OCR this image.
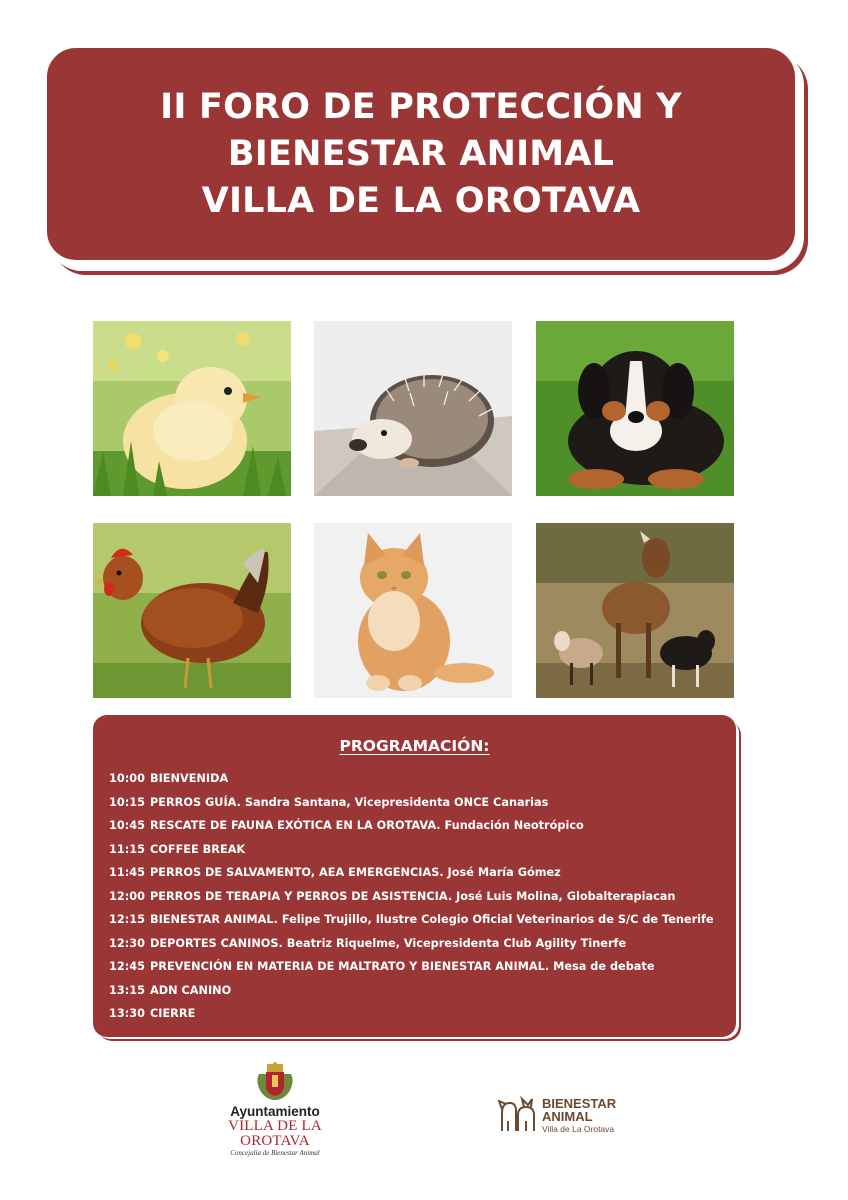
II FORO DE PROTECCIÓN Y
BIENESTAR ANIMAL
VILLA DE LA OROTAVA
PROGRAMACIÓN:
10:00 BIENVENIDA
10:15 PERROS GUÍA. Sandra Santana, Vicepresidenta ONCE Canarias
10:45 RESCATE DE FAUNA EXÓTICA EN LA OROTAVA. Fundación Neotrópico
11:15 COFFEE BREAK
11:45 PERROS DE SALVAMENTO, AEA EMERGENCIAS. José María Gómez
12:00 PERROS DE TERAPIA Y PERROS DE ASISTENCIA. José Luis Molina, Globalterapiacan
12:15 BIENESTAR ANIMAL. Felipe Trujillo, Ilustre Colegio Oficial Veterinarios de S/C de Tenerife
12:30 DEPORTES CANINOS. Beatriz Riquelme, Vicepresidenta Club Agility Tinerfe
12:45 PREVENCIÓN EN MATERIA DE MALTRATO Y BIENESTAR ANIMAL. Mesa de debate
13:15 ADN CANINO
13:30 CIERRE
Ayuntamiento
VILLA DE LA OROTAVA
Concejalía de Bienestar Animal
BIENESTAR
ANIMAL
Villa de La Orotava
